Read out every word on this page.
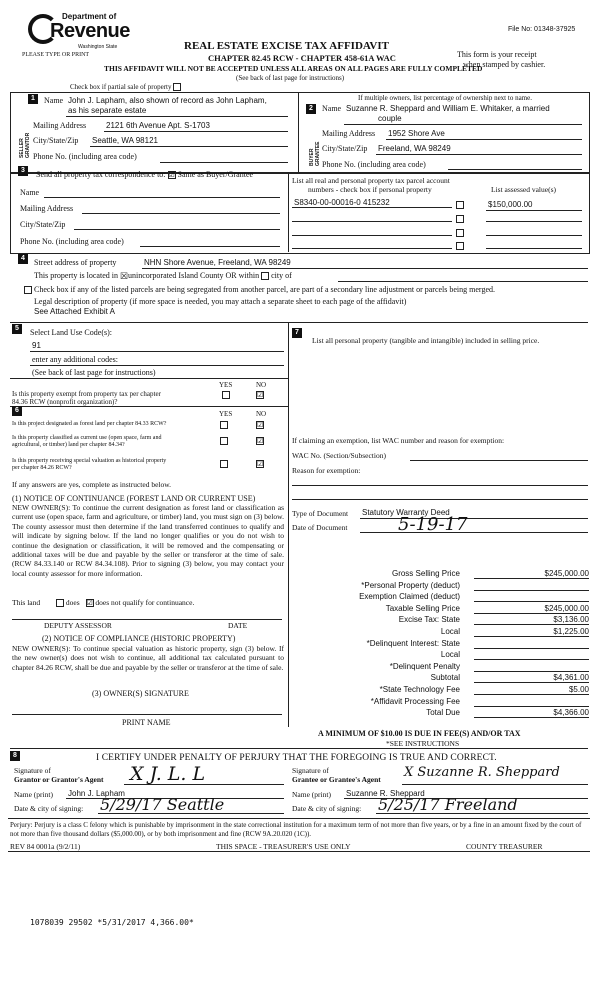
Department of
Revenue
Washington State
PLEASE TYPE OR PRINT
File No: 01348-37925
REAL ESTATE EXCISE TAX AFFIDAVIT
CHAPTER 82.45 RCW - CHAPTER 458-61A WAC	This form is your receipt
when stamped by cashier.
THIS AFFIDAVIT WILL NOT BE ACCEPTED UNLESS ALL AREAS ON ALL PAGES ARE FULLY COMPLETED
(See back of last page for instructions)
Check box if partial sale of property
If multiple owners, list percentage of ownership next to name.
1
SELLER GRANTOR
Name John J. Lapham, also shown of record as John Lapham,
as his separate estate
Mailing Address 2121 6th Avenue Apt. S-1703
City/State/Zip Seattle, WA 98121
Phone No. (including area code)
2
BUYER GRANTEE
Name Suzanne R. Sheppard and William E. Whitaker, a married
couple
Mailing Address 1952 Shore Ave
City/State/Zip Freeland, WA 98249
Phone No. (including area code)
3	Send all property tax correspondence to: ☑ Same as Buyer/Grantee
Name
Mailing Address
City/State/Zip
Phone No. (including area code)
List all real and personal property tax parcel account
numbers - check box if personal property	List assessed value(s)
S8340-00-00016-0 415232	$150,000.00
4	Street address of property	NHN Shore Avenue, Freeland, WA 98249
This property is located in ☒ unincorporated Island County OR within city of
Check box if any of the listed parcels are being segregated from another parcel, are part of a secondary line adjustment or parcels being merged.
Legal description of property (if more space is needed, you may attach a separate sheet to each page of the affidavit)
See Attached Exhibit A
5	Select Land Use Code(s):
91
enter any additional codes:
(See back of last page for instructions)
YES	NO
Is this property exempt from property tax per chapter
84.36 RCW (nonprofit organization)?
☑
6	YES	NO
Is this project designated as forest land per chapter 84.33 RCW?	☑
Is this property classified as current use (open space, farm and
agricultural, or timber) land per chapter 84.34?	☑
Is this property receiving special valuation as historical property
per chapter 84.26 RCW?	☑
If any answers are yes, complete as instructed below.
(1) NOTICE OF CONTINUANCE (FOREST LAND OR CURRENT USE)
NEW OWNER(S): To continue the current designation as forest land or classification as current use (open space, farm and agriculture, or timber) land, you must sign on (3) below. The county assessor must then determine if the land transferred continues to qualify and will indicate by signing below. If the land no longer qualifies or you do not wish to continue the designation or classification, it will be removed and the compensating or additional taxes will be due and payable by the seller or transferor at the time of sale. (RCW 84.33.140 or RCW 84.34.108). Prior to signing (3) below, you may contact your local county assessor for more information.
This land	does ☑ does not qualify for continuance.
DEPUTY ASSESSOR	DATE
(2) NOTICE OF COMPLIANCE (HISTORIC PROPERTY)
NEW OWNER(S): To continue special valuation as historic property, sign (3) below. If the new owner(s) does not wish to continue, all additional tax calculated pursuant to chapter 84.26 RCW, shall be due and payable by the seller or transferor at the time of sale.
(3) OWNER(S) SIGNATURE
PRINT NAME
7
List all personal property (tangible and intangible) included in selling price.
If claiming an exemption, list WAC number and reason for exemption:
WAC No. (Section/Subsection)
Reason for exemption:
Type of Document Statutory Warranty Deed
Date of Document	5-19-17
Gross Selling Price	$245,000.00
*Personal Property (deduct)
Exemption Claimed (deduct)
Taxable Selling Price	$245,000.00
Excise Tax: State	$3,136.00
Local	$1,225.00
*Delinquent Interest: State
Local
*Delinquent Penalty
Subtotal	$4,361.00
*State Technology Fee	$5.00
*Affidavit Processing Fee
Total Due	$4,366.00
A MINIMUM OF $10.00 IS DUE IN FEE(S) AND/OR TAX
*SEE INSTRUCTIONS
8	I CERTIFY UNDER PENALTY OF PERJURY THAT THE FOREGOING IS TRUE AND CORRECT.
Signature of
Grantor or Grantor's Agent X J. L. L
Name (print) John J. Lapham
Date & city of signing: 5/29/17 Seattle
Signature of
Grantee or Grantee's Agent X Suzanne R. Sheppard
Name (print) Suzanne R. Sheppard
Date & city of signing: 5/25/17 Freeland
Perjury: Perjury is a class C felony which is punishable by imprisonment in the state correctional institution for a maximum term of not more than five years, or by a fine in an amount fixed by the court of not more than five thousand dollars ($5,000.00), or by both imprisonment and fine (RCW 9A.20.020 (1C)).
REV 84 0001a (9/2/11)	THIS SPACE - TREASURER'S USE ONLY	COUNTY TREASURER
1078039 29502 *5/31/2017 4,366.00*
